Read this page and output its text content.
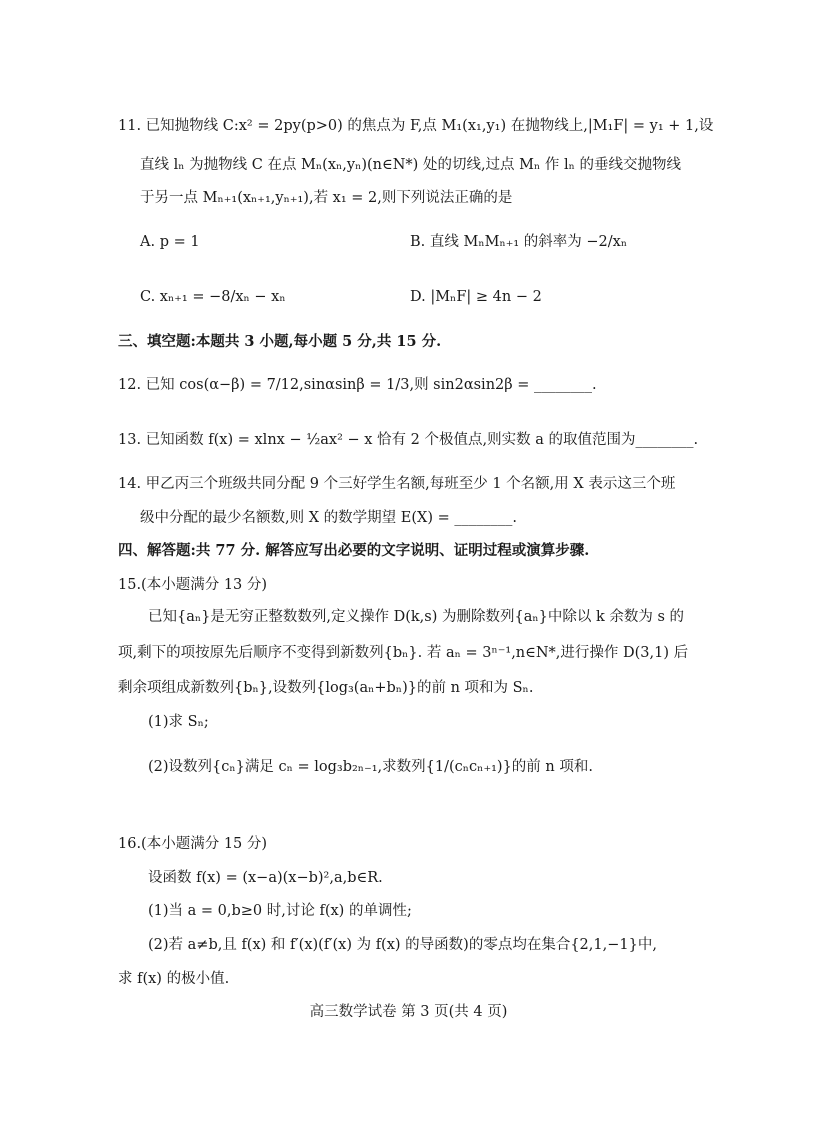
11. 已知抛物线 C:x² = 2py(p>0) 的焦点为 F,点 M₁(x₁,y₁) 在抛物线上,|M₁F| = y₁ + 1,设
直线 lₙ 为抛物线 C 在点 Mₙ(xₙ,yₙ)(n∈N*) 处的切线,过点 Mₙ 作 lₙ 的垂线交抛物线
于另一点 Mₙ₊₁(xₙ₊₁,yₙ₊₁),若 x₁ = 2,则下列说法正确的是
A. p = 1	B. 直线 MₙMₙ₊₁ 的斜率为 −2/xₙ
C. xₙ₊₁ = −8/xₙ − xₙ	D. |MₙF| ≥ 4n − 2
三、填空题:本题共 3 小题,每小题 5 分,共 15 分.
12. 已知 cos(α−β) = 7/12,sinαsinβ = 1/3,则 sin2αsin2β = ________.
13. 已知函数 f(x) = xlnx − ½ax² − x 恰有 2 个极值点,则实数 a 的取值范围为________.
14. 甲乙丙三个班级共同分配 9 个三好学生名额,每班至少 1 个名额,用 X 表示这三个班
级中分配的最少名额数,则 X 的数学期望 E(X) = ________.
四、解答题:共 77 分. 解答应写出必要的文字说明、证明过程或演算步骤.
15.(本小题满分 13 分)
已知{aₙ}是无穷正整数数列,定义操作 D(k,s) 为删除数列{aₙ}中除以 k 余数为 s 的
项,剩下的项按原先后顺序不变得到新数列{bₙ}. 若 aₙ = 3ⁿ⁻¹,n∈N*,进行操作 D(3,1) 后
剩余项组成新数列{bₙ},设数列{log₃(aₙ+bₙ)}的前 n 项和为 Sₙ.
(1)求 Sₙ;
(2)设数列{cₙ}满足 cₙ = log₃b₂ₙ₋₁,求数列{1/(cₙcₙ₊₁)}的前 n 项和.
16.(本小题满分 15 分)
设函数 f(x) = (x−a)(x−b)²,a,b∈R.
(1)当 a = 0,b≥0 时,讨论 f(x) 的单调性;
(2)若 a≠b,且 f(x) 和 f′(x)(f′(x) 为 f(x) 的导函数)的零点均在集合{2,1,−1}中,
求 f(x) 的极小值.
高三数学试卷 第 3 页(共 4 页)
